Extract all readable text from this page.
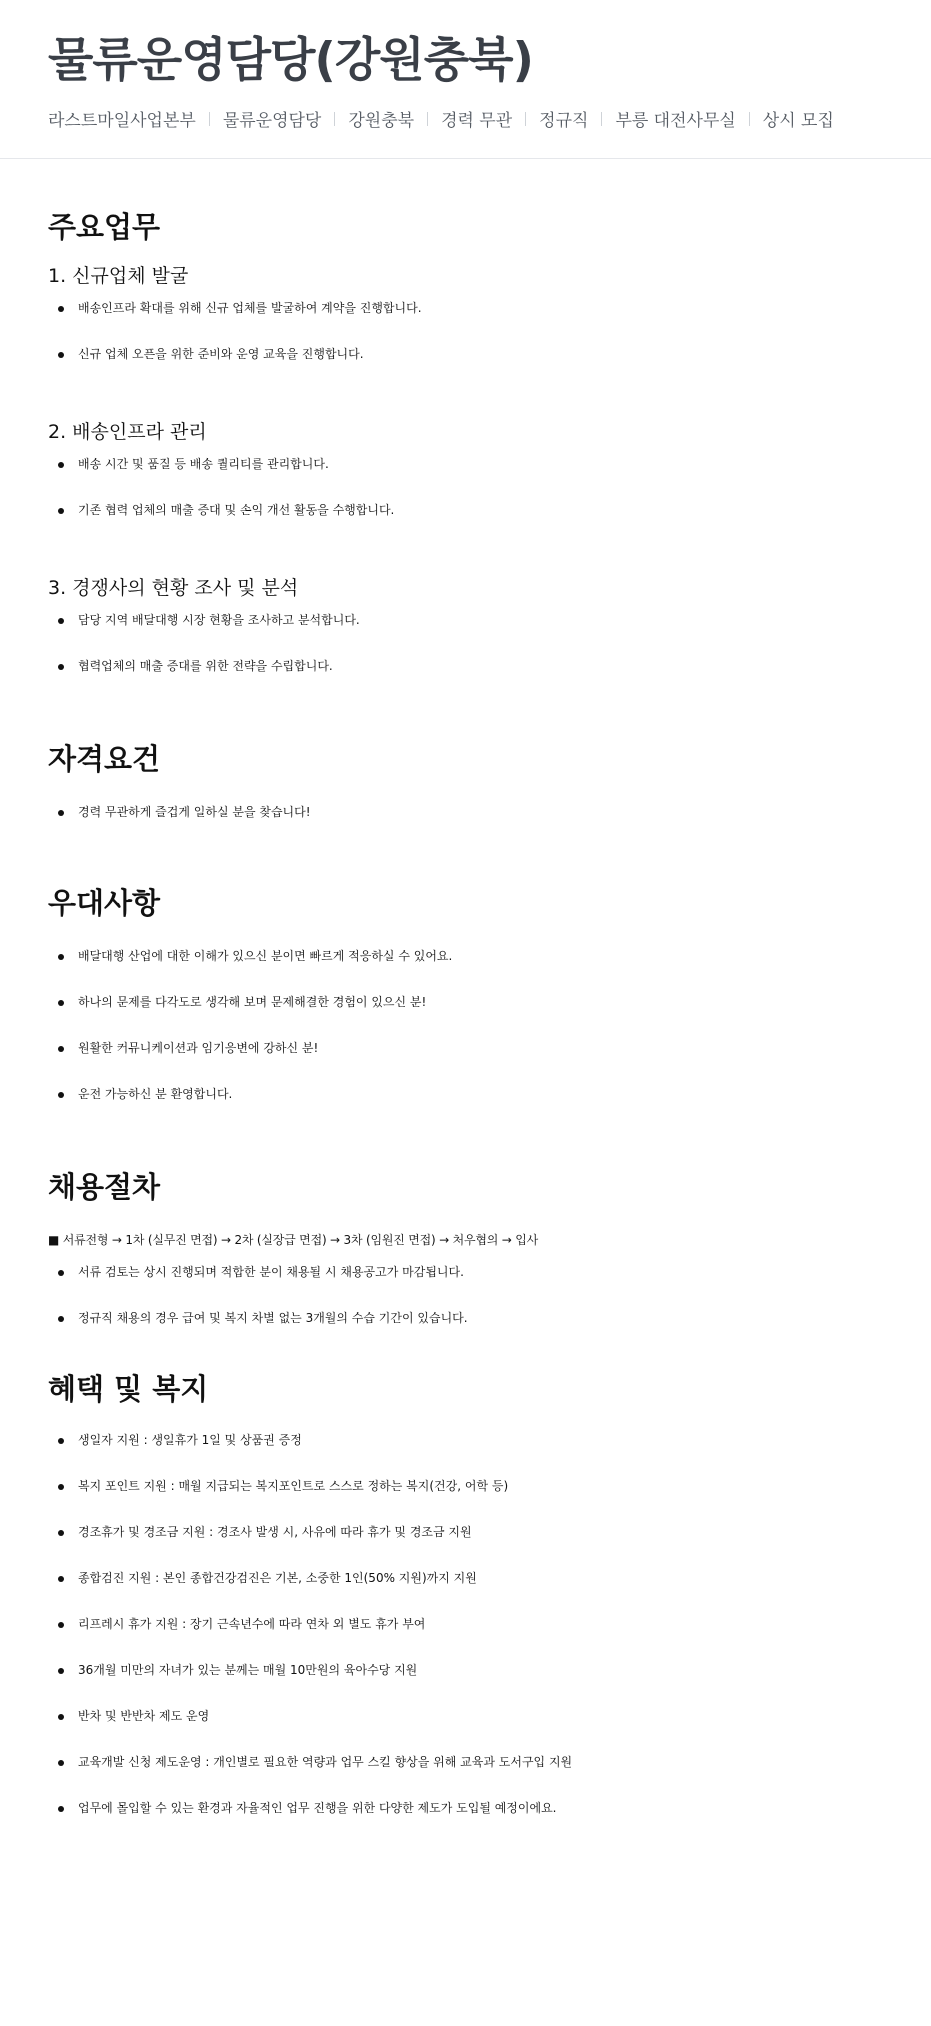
물류운영담당(강원충북)
라스트마일사업본부 물류운영담당 강원충북 경력 무관 정규직 부릉 대전사무실 상시 모집
주요업무
1. 신규업체 발굴
배송인프라 확대를 위해 신규 업체를 발굴하여 계약을 진행합니다.
신규 업체 오픈을 위한 준비와 운영 교육을 진행합니다.
2. 배송인프라 관리
배송 시간 및 품질 등 배송 퀄리티를 관리합니다.
기존 협력 업체의 매출 증대 및 손익 개선 활동을 수행합니다.
3. 경쟁사의 현황 조사 및 분석
담당 지역 배달대행 시장 현황을 조사하고 분석합니다.
협력업체의 매출 증대를 위한 전략을 수립합니다.
자격요건
경력 무관하게 즐겁게 일하실 분을 찾습니다!
우대사항
배달대행 산업에 대한 이해가 있으신 분이면 빠르게 적응하실 수 있어요.
하나의 문제를 다각도로 생각해 보며 문제해결한 경험이 있으신 분!
원활한 커뮤니케이션과 임기응변에 강하신 분!
운전 가능하신 분 환영합니다.
채용절차
■ 서류전형 → 1차 (실무진 면접) → 2차 (실장급 면접) → 3차 (임원진 면접) → 처우협의 → 입사
서류 검토는 상시 진행되며 적합한 분이 채용될 시 채용공고가 마감됩니다.
정규직 채용의 경우 급여 및 복지 차별 없는 3개월의 수습 기간이 있습니다.
혜택 및 복지
생일자 지원 : 생일휴가 1일 및 상품권 증정
복지 포인트 지원 : 매월 지급되는 복지포인트로 스스로 정하는 복지(건강, 어학 등)
경조휴가 및 경조금 지원 : 경조사 발생 시, 사유에 따라 휴가 및 경조금 지원
종합검진 지원 : 본인 종합건강검진은 기본, 소중한 1인(50% 지원)까지 지원
리프레시 휴가 지원 : 장기 근속년수에 따라 연차 외 별도 휴가 부여
36개월 미만의 자녀가 있는 분께는 매월 10만원의 육아수당 지원
반차 및 반반차 제도 운영
교육개발 신청 제도운영 : 개인별로 필요한 역량과 업무 스킬 향상을 위해 교육과 도서구입 지원
업무에 몰입할 수 있는 환경과 자율적인 업무 진행을 위한 다양한 제도가 도입될 예정이에요.
